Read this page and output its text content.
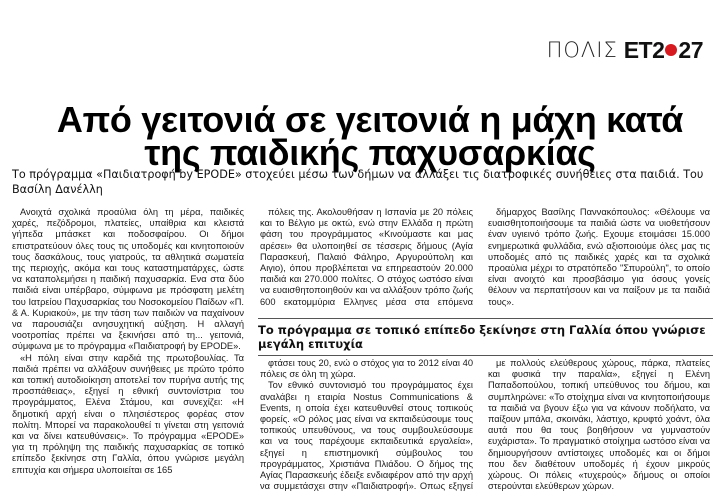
ΠΟΛΙΣ ΕΤ2 27
Από γειτονιά σε γειτονιά η μάχη κατά της παιδικής παχυσαρκίας

Το πρόγραμμα «Παιδιατροφή by EPODE» στοχεύει μέσω των δήμων να αλλάξει τις διατροφικές συνήθειες στα παιδιά. Του Βασίλη Δανέλλη

Ανοιχτά σχολικά προαύλια όλη τη μέρα, παιδικές χαρές, πεζόδρομοι, πλατείες, υπαίθρια και κλειστά γήπεδα μπάσκετ και ποδοσφαίρου. Οι δήμοι επιστρατεύουν όλες τους τις υποδομές και κινητοποιούν τους δασκάλους, τους γιατρούς, τα αθλητικά σωματεία της περιοχής, ακόμα και τους καταστηματάρχες, ώστε να καταπολεμήσει η παιδική παχυσαρκία. Ενα στα δύο παιδιά είναι υπέρβαρο, σύμφωνα με πρόσφατη μελέτη του Ιατρείου Παχυσαρκίας του Νοσοκομείου Παίδων «Π. & Α. Κυριακού», με την τάση των παιδιών να παχαίνουν να παρουσιάζει ανησυχητική αύξηση. Η αλλαγή νοοτροπίας πρέπει να ξεκινήσει από τη... γειτονιά, σύμφωνα με το πρόγραμμα «Παιδιατροφή by EPODE».

«Η πόλη είναι στην καρδιά της πρωτοβουλίας. Τα παιδιά πρέπει να αλλάξουν συνήθειες με πρώτο τρόπο και τοπική αυτοδιοίκηση αποτελεί τον πυρήνα αυτής της προσπάθειας», εξηγεί η εθνική συντονίστρια του προγράμματος, Ελένα Στάμου, και συνεχίζει: «Η δημοτική αρχή είναι ο πλησιέστερος φορέας στον πολίτη. Μπορεί να παρακολουθεί τι γίνεται στη γειτονιά και να δίνει κατευθύνσεις». Το πρόγραμμα «EPODE» για τη πρόληψη της παιδικής παχυσαρκίας σε τοπικό επίπεδο ξεκίνησε στη Γαλλία, όπου γνώρισε μεγάλη επιτυχία και σήμερα υλοποιείται σε 165

πόλεις της. Ακολουθήσαν η Ισπανία με 20 πόλεις και το Βέλγιο με οκτώ, ενώ στην Ελλάδα η πρώτη φάση του προγράμματος «Κινούμαστε και μας αρέσει» θα υλοποιηθεί σε τέσσερις δήμους (Αγία Παρασκευή, Παλαιό Φάληρο, Αργυρούπολη και Αιγιο), όπου προβλέπεται να επηρεαστούν 20.000 παιδιά και 270.000 πολίτες. Ο στόχος ωστόσο είναι να ευαισθητοποιηθούν και να αλλάξουν τρόπο ζωής 600 εκατομμύρια Ελληνες μέσα στα επόμενα

δήμαρχος Βασίλης Παννακόπουλος: «Θέλουμε να ευαισθητοποιήσουμε τα παιδιά ώστε να υιοθετήσουν έναν υγιεινό τρόπο ζωής. Εχουμε ετοιμάσει 15.000 ενημερωτικά φυλλάδια, ενώ αξιοποιούμε όλες μας τις υποδομές από τις παιδικές χαρές και τα σχολικά προαύλια μέχρι το στρατόπεδο "Σπυρούλη", το οποίο είναι ανοιχτό και προσβάσιμο για όσους γονείς θέλουν να περπατήσουν και να παίξουν με τα παιδιά τους».

Το πρόγραμμα σε τοπικό επίπεδο ξεκίνησε στη Γαλλία όπου γνώρισε μεγάλη επιτυχία

φτάσει τους 20, ενώ ο στόχος για το 2012 είναι 40 πόλεις σε όλη τη χώρα.

Τον εθνικό συντονισμό του προγράμματος έχει αναλάβει η εταιρία Nostus Communications & Events, η οποία έχει κατευθυνθεί στους τοπικούς φορείς. «Ο ρόλος μας είναι να εκπαιδεύσουμε τους τοπικούς υπευθύνους, να τους συμβουλεύσουμε και να τους παρέχουμε εκπαιδευτικά εργαλεία», εξηγεί η επιστημονική σύμβουλος του προγράμματος, Χριστιάνα Πλιάδου. Ο δήμος της Αγίας Παρασκευής έδειξε ενδιαφέρον από την αρχή να συμμετάσχει στην «Παιδιατροφή». Οπως εξηγεί

με πολλούς ελεύθερους χώρους, πάρκα, πλατείες και φυσικά την παραλία», εξηγεί η Ελένη Παπαδοπούλου, τοπική υπεύθυνος του δήμου, και συμπληρώνει: «Το στοίχημα είναι να κινητοποιήσουμε τα παιδιά να βγουν έξω για να κάνουν ποδήλατο, να παίξουν μπάλα, σκοινάκι, λάστιχο, κρυφτό χοάντ, όλα αυτά που θα τους βοηθήσουν να γυμναστούν ευχάριστα». Το πραγματικό στοίχημα ωστόσο είναι να δημιουργήσουν αντίστοιχες υποδομές και οι δήμοι που δεν διαθέτουν υποδομές ή έχουν μικρούς χώρους. Οι πόλεις «τυχερούς» δήμους οι οποίοι στερούνται ελεύθερων χώρων.
